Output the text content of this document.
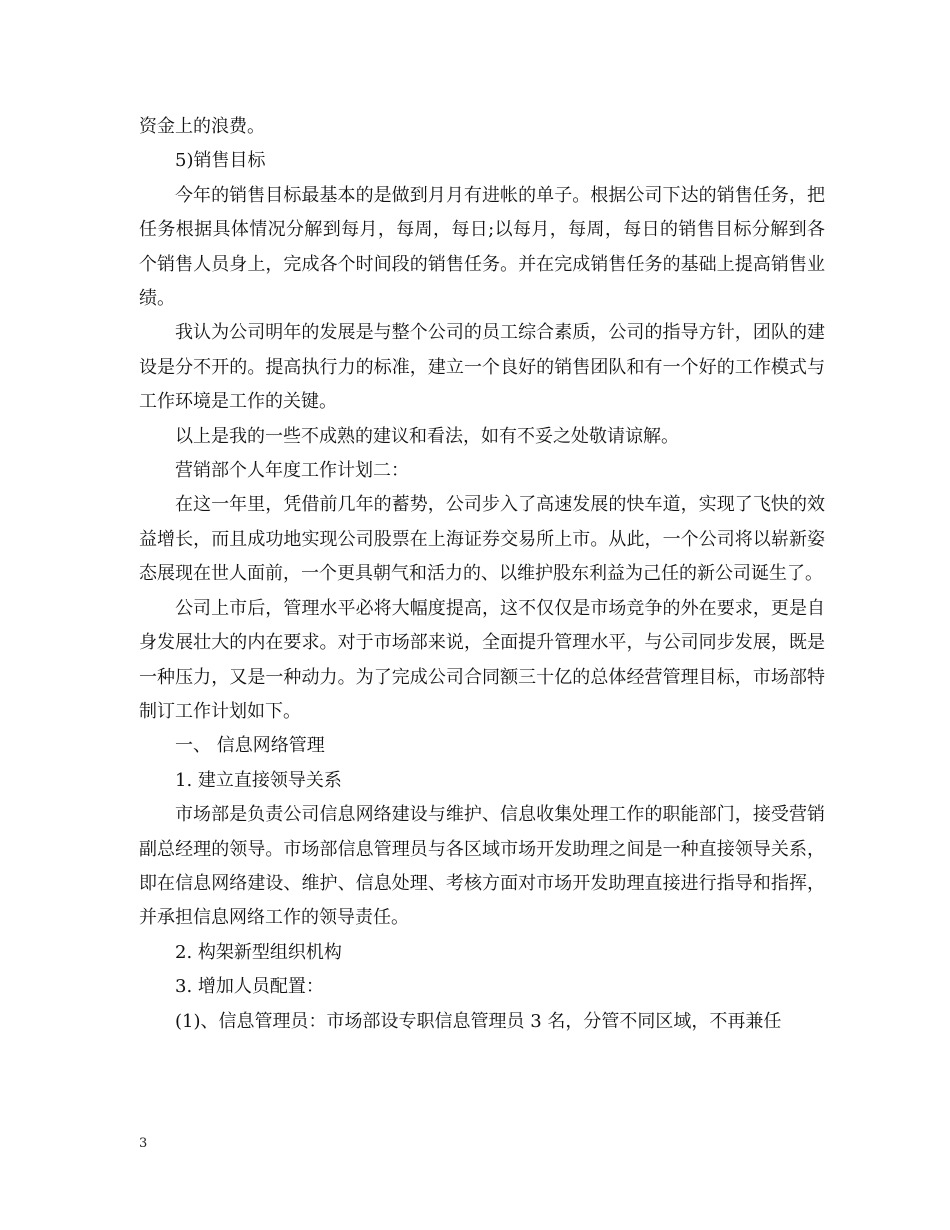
资金上的浪费。

5)销售目标

今年的销售目标最基本的是做到月月有进帐的单子。根据公司下达的销售任务，把任务根据具体情况分解到每月，每周，每日;以每月，每周，每日的销售目标分解到各个销售人员身上，完成各个时间段的销售任务。并在完成销售任务的基础上提高销售业绩。

我认为公司明年的发展是与整个公司的员工综合素质，公司的指导方针，团队的建设是分不开的。提高执行力的标准，建立一个良好的销售团队和有一个好的工作模式与工作环境是工作的关键。

以上是我的一些不成熟的建议和看法，如有不妥之处敬请谅解。

营销部个人年度工作计划二：

在这一年里，凭借前几年的蓄势，公司步入了高速发展的快车道，实现了飞快的效益增长，而且成功地实现公司股票在上海证券交易所上市。从此，一个公司将以崭新姿态展现在世人面前，一个更具朝气和活力的、以维护股东利益为己任的新公司诞生了。

公司上市后，管理水平必将大幅度提高，这不仅仅是市场竞争的外在要求，更是自身发展壮大的内在要求。对于市场部来说，全面提升管理水平，与公司同步发展，既是一种压力，又是一种动力。为了完成公司合同额三十亿的总体经营管理目标，市场部特制订工作计划如下。

一、 信息网络管理

1. 建立直接领导关系

市场部是负责公司信息网络建设与维护、信息收集处理工作的职能部门，接受营销副总经理的领导。市场部信息管理员与各区域市场开发助理之间是一种直接领导关系，即在信息网络建设、维护、信息处理、考核方面对市场开发助理直接进行指导和指挥，并承担信息网络工作的领导责任。

2. 构架新型组织机构

3. 增加人员配置：

(1)、信息管理员：市场部设专职信息管理员 3 名，分管不同区域，不再兼任

3
